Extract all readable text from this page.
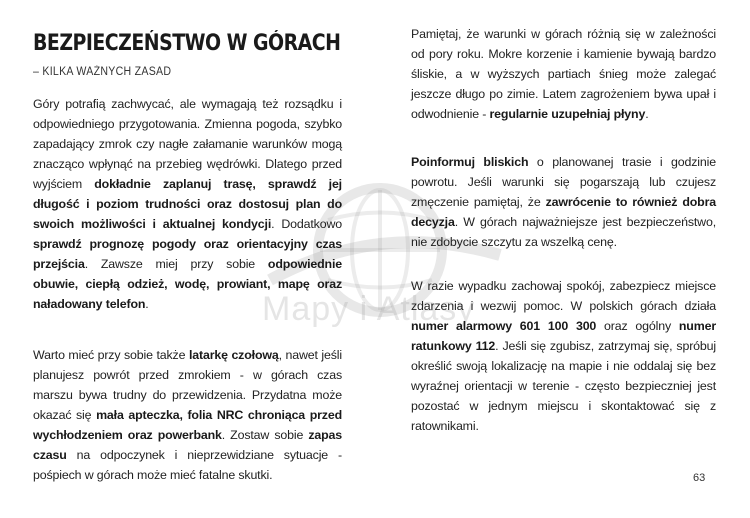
Mapy i Atlasy
BEZPIECZEŃSTWO W GÓRACH
– KILKA WAŻNYCH ZASAD

Góry potrafią zachwycać, ale wymagają też rozsądku i odpowiedniego przygotowania. Zmienna pogoda, szybko zapadający zmrok czy nagłe załamanie warunków mogą znacząco wpłynąć na przebieg wędrówki. Dlatego przed wyjściem dokładnie zaplanuj trasę, sprawdź jej długość i poziom trudności oraz dostosuj plan do swoich możliwości i aktualnej kondycji. Dodatkowo sprawdź prognozę pogody oraz orientacyjny czas przejścia. Zawsze miej przy sobie odpowiednie obuwie, ciepłą odzież, wodę, prowiant, mapę oraz naładowany telefon.

Warto mieć przy sobie także latarkę czołową, nawet jeśli planujesz powrót przed zmrokiem - w górach czas marszu bywa trudny do przewidzenia. Przydatna może okazać się mała apteczka, folia NRC chroniąca przed wychłodzeniem oraz powerbank. Zostaw sobie zapas czasu na odpoczynek i nieprzewidziane sytuacje - pośpiech w górach może mieć fatalne skutki.

Pamiętaj, że warunki w górach różnią się w zależności od pory roku. Mokre korzenie i kamienie bywają bardzo śliskie, a w wyższych partiach śnieg może zalegać jeszcze długo po zimie. Latem zagrożeniem bywa upał i odwodnienie - regularnie uzupełniaj płyny.

Poinformuj bliskich o planowanej trasie i godzinie powrotu. Jeśli warunki się pogarszają lub czujesz zmęczenie pamiętaj, że zawrócenie to również dobra decyzja. W górach najważniejsze jest bezpieczeństwo, nie zdobycie szczytu za wszelką cenę.

W razie wypadku zachowaj spokój, zabezpiecz miejsce zdarzenia i wezwij pomoc. W polskich górach działa numer alarmowy 601 100 300 oraz ogólny numer ratunkowy 112. Jeśli się zgubisz, zatrzymaj się, spróbuj określić swoją lokalizację na mapie i nie oddalaj się bez wyraźnej orientacji w terenie - często bezpieczniej jest pozostać w jednym miejscu i skontaktować się z ratownikami.

63
